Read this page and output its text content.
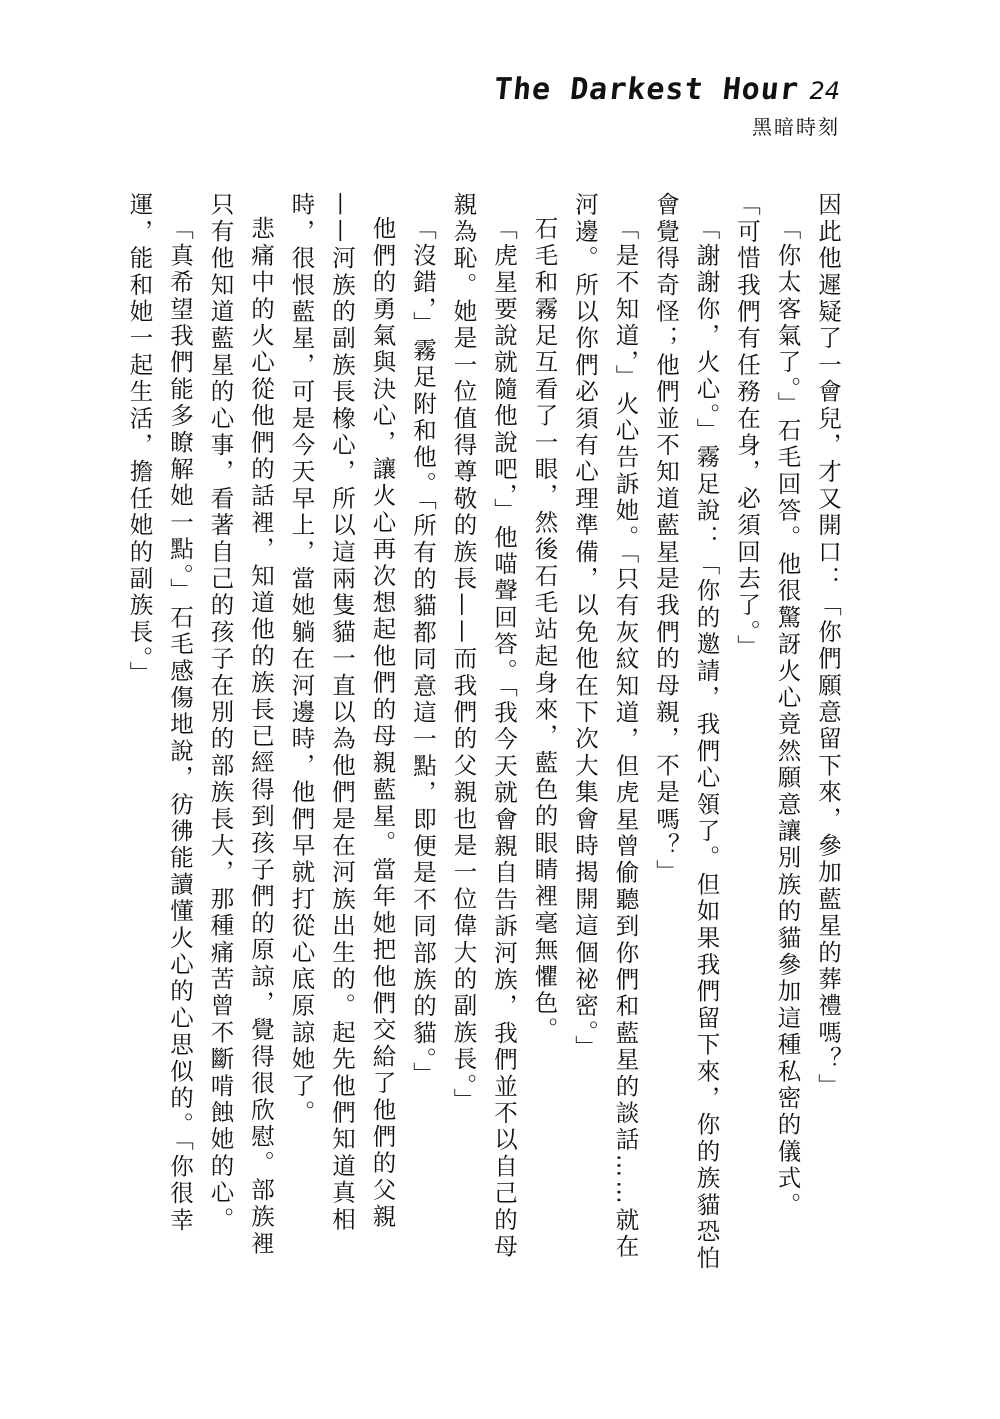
The Darkest Hour 24
黑暗時刻

因此他遲疑了一會兒，才又開口：「你們願意留下來，參加藍星的葬禮嗎？」

「你太客氣了。」石毛回答。他很驚訝火心竟然願意讓別族的貓參加這種私密的儀式。

「可惜我們有任務在身，必須回去了。」

「謝謝你，火心。」霧足說：「你的邀請，我們心領了。但如果我們留下來，你的族貓恐怕會覺得奇怪；他們並不知道藍星是我們的母親，不是嗎？」

「是不知道，」火心告訴她。「只有灰紋知道，但虎星曾偷聽到你們和藍星的談話……就在河邊。所以你們必須有心理準備，以免他在下次大集會時揭開這個祕密。」

石毛和霧足互看了一眼，然後石毛站起身來，藍色的眼睛裡毫無懼色。

「虎星要說就隨他說吧，」他喵聲回答。「我今天就會親自告訴河族，我們並不以自己的母親為恥。她是一位值得尊敬的族長——而我們的父親也是一位偉大的副族長。」

「沒錯，」霧足附和他。「所有的貓都同意這一點，即便是不同部族的貓。」

他們的勇氣與決心，讓火心再次想起他們的母親藍星。當年她把他們交給了他們的父親——河族的副族長橡心，所以這兩隻貓一直以為他們是在河族出生的。起先他們知道真相時，很恨藍星，可是今天早上，當她躺在河邊時，他們早就打從心底原諒她了。

悲痛中的火心從他們的話裡，知道他的族長已經得到孩子們的原諒，覺得很欣慰。部族裡只有他知道藍星的心事，看著自己的孩子在別的部族長大，那種痛苦曾不斷啃蝕她的心。

「真希望我們能多瞭解她一點。」石毛感傷地說，彷彿能讀懂火心的心思似的。「你很幸運，能和她一起生活，擔任她的副族長。」
